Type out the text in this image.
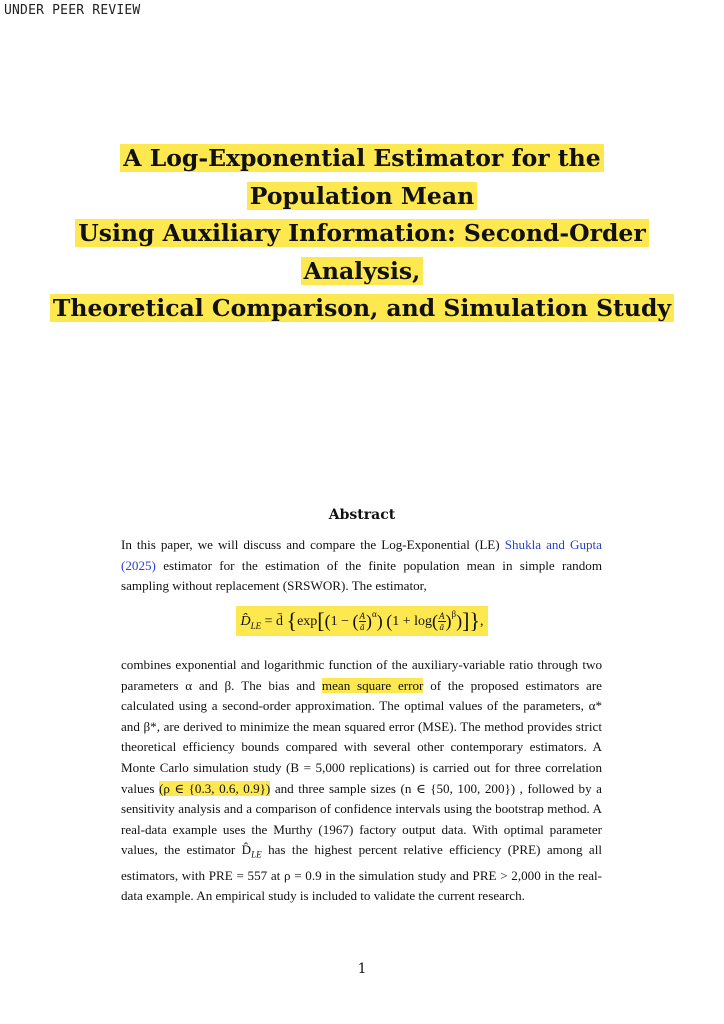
UNDER PEER REVIEW
A Log-Exponential Estimator for the
Population Mean
Using Auxiliary Information: Second-Order
Analysis,
Theoretical Comparison, and Simulation Study
Abstract

In this paper, we will discuss and compare the Log-Exponential (LE) Shukla and Gupta (2025) estimator for the estimation of the finite population mean in simple random sampling without replacement (SRSWOR). The estimator,

$D̂_{LE}$ = d̄ {exp[(1 − ( $\frac{A}{ā} )^\alpha$) $(1 + \log( \frac{A}{ā} )^\beta)$]},

combines exponential and logarithmic function of the auxiliary-variable ratio through two parameters α and β. The bias and mean square error of the proposed estimators are calculated using a second-order approximation. The optimal values of the parameters, α* and β*, are derived to minimize the mean squared error (MSE). The method provides strict theoretical efficiency bounds compared with several other contemporary estimators. A Monte Carlo simulation study (B = 5,000 replications) is carried out for three correlation values (ρ ∈ {0.3, 0.6, 0.9}) and three sample sizes (n ∈ {50, 100, 200}) , followed by a sensitivity analysis and a comparison of confidence intervals using the bootstrap method. A real-data example uses the Murthy (1967) factory output data. With optimal parameter values, the estimator $D̂_{LE}$ has the highest percent relative efficiency (PRE) among all estimators, with PRE = 557 at ρ = 0.9 in the simulation study and PRE > 2,000 in the real-data example. An empirical study is included to validate the current research.

1
